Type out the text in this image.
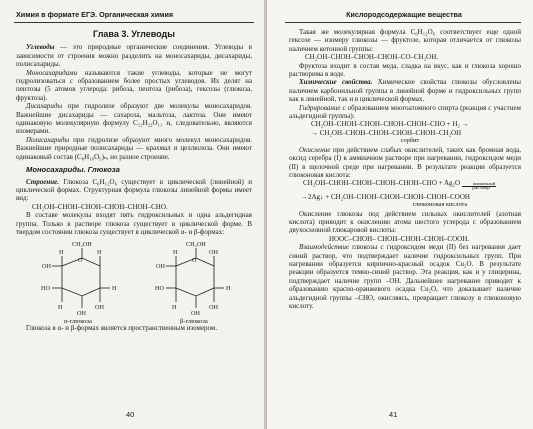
Химия в формате ЕГЭ. Органическая химия
Глава 3. Углеводы

Углеводы — это природные органические соединения. Углеводы в зависимости от строения можно разделить на моносахариды, дисахариды, полисахариды.

Моносахаридами называются такие углеводы, которые не могут гидролизоваться с образованием более простых углеводов. Их делят на пентозы (5 атомов углерода: рибоза, пентоза (рибоза), гексозы (глюкоза, фруктоза).

Дисахариды при гидролизе образуют две молекулы моносахаридов. Важнейшие дисахариды — сахароза, мальтоза, лактоза. Они имеют одинаковую молекулярную формулу C₁₂H₂₂O₁₁ и, следовательно, являются изомерами.

Полисахариды при гидролизе образуют много молекул моносахаридов. Важнейшие природные полисахариды — крахмал и целлюлоза. Они имеют одинаковый состав (C₆H₁₀O₅)ₙ, но разное строение.

Моносахариды. Глюкоза

Строение. Глюкоза C₆H₁₂O₆ существует в циклической (линейной) и циклической формах. Структурная формула глюкозы линейной формы имеет вид:

CH₂OH–CHOH–CHOH–CHOH–CHOH–CHO.

В составе молекулы входят пять гидроксильных и одна альдегидная группа. Только в растворе глюкоза существует в циклической форме. В твердом состоянии глюкоза существует в циклической α- и β-формах:

CH₂OH
O
H	H
H
OH
OH
HO
H
OH
α-глюкоза
CH₂OH
O
H	OH
H
OH
OH
HO
H
OH
β-глюкоза

Глюкоза в α- и β-формах является пространственным изомером.

40
Кислородсодержащие вещества

Такая же молекулярная формула C₆H₁₂O₆ соответствует еще одной гексозе — изомеру глюкозы — фруктозе, которая отличается от глюкозы наличием кетонной группы:

CH₂OH–CHOH–CHOH–CHOH–CO–CH₂OH.

Фруктоза входит в состав меда, сладка на вкус, как и глюкоза хорошо растворима в воде.

Химические свойства. Химические свойства глюкозы обусловлены наличием карбонильной группы в линейной форме и гидроксильных групп как в линейной, так и в циклической формах.

Гидрирование с образованием многоатомного спирта (реакция с участием альдегидной группы):

CH₂OH–CHOH–CHOH–CHOH–CHOH–CHO + H₂ →

→ CH₂OH–CHOH–CHOH–CHOH–CHOH–CH₂OH

сорбит

Окисление при действием слабых окислителей, таких как бромная вода, оксид серебра (I) в аммиачном растворе при нагревании, гидроксидом меди (II) в щелочной среде при нагревании. В результате реакции образуется глюконовая кислота:

CH₂OH–CHOH–CHOH–CHOH–CHOH–CHO + Ag₂O	аммиачный$_{раствор}$

→2Ag↓ + CH₂OH–CHOH–CHOH–CHOH–CHOH–COOH

глюконовая кислота

Окисление глюкозы под действием сильных окислителей (азотная кислота) приводит к окислению атома шестого углерода с образованием двухосновной глюкаровой кислоты:

HOOC–CHOH– CHOH–CHOH–CHOH–COOH.

Взаимодействие глюкозы с гидроксидом меди (II) без нагревания дает синий раствор, что подтверждает наличие гидроксильных групп. При нагревании образуется кирпично-красный осадок Cu₂O. В результате реакции образуется темно-синий раствор. Эта реакция, как и у глицерина, подтверждает наличие групп –OH. Дальнейшее нагревание приводит к образованию красно-оранжевого осадка Cu₂O, что доказывает наличие альдегидной группы –CHO, окисляясь, превращает глюкозу в глюконовую кислоту.

41
